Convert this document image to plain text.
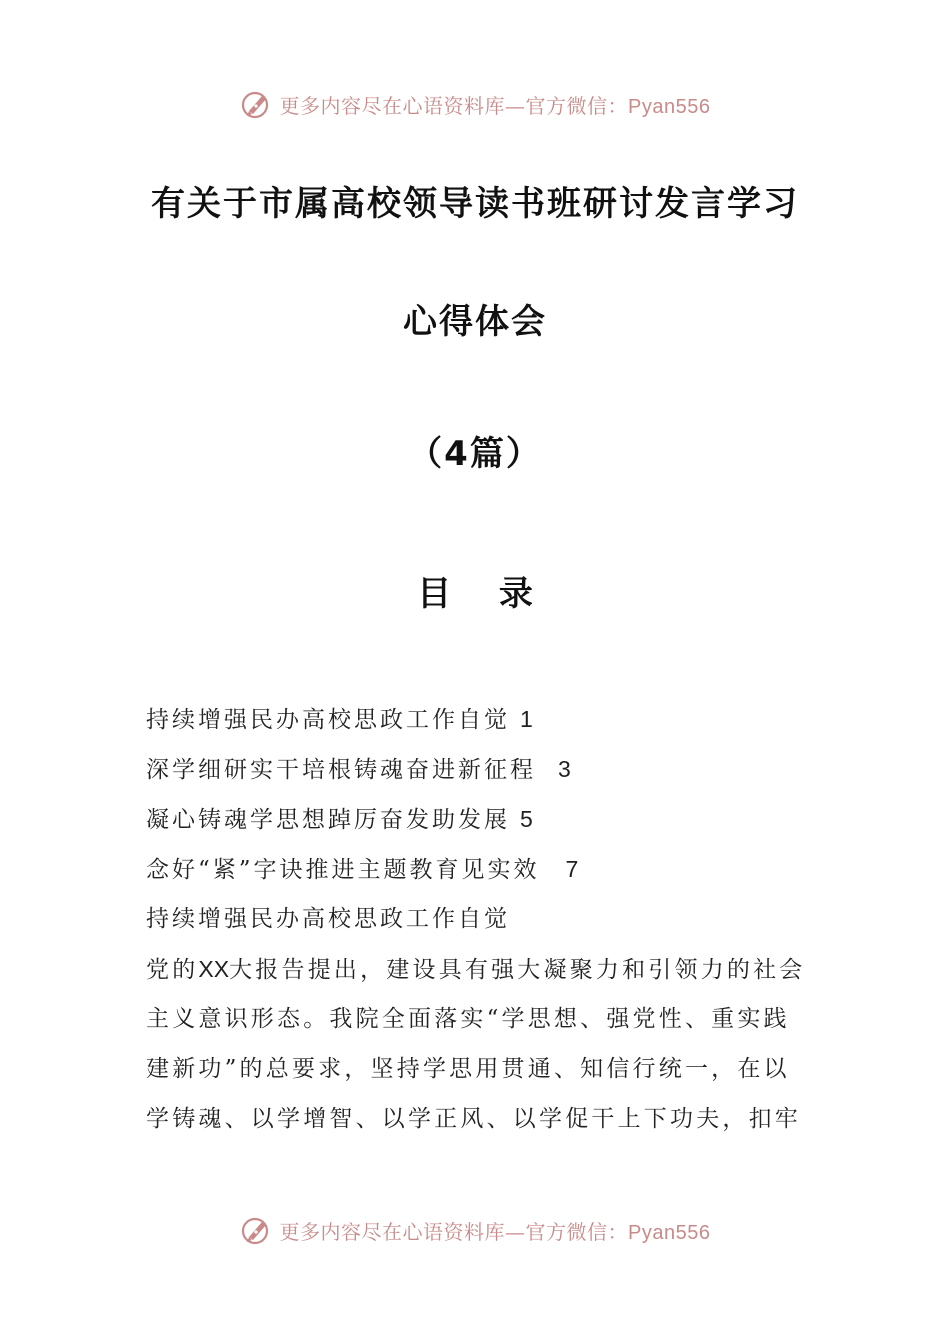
更多内容尽在心语资料库—官方微信：Pyan556
有关于市属高校领导读书班研讨发言学习
心得体会
（4篇）
目 录
持续增强民办高校思政工作自觉 1
深学细研实干培根铸魂奋进新征程 3
凝心铸魂学思想踔厉奋发助发展 5
念好“紧”字诀推进主题教育见实效 7
持续增强民办高校思政工作自觉
党的XX大报告提出，建设具有强大凝聚力和引领力的社会
主义意识形态。我院全面落实“学思想、强党性、重实践
建新功”的总要求，坚持学思用贯通、知信行统一，在以
学铸魂、以学增智、以学正风、以学促干上下功夫，扣牢
更多内容尽在心语资料库—官方微信：Pyan556
